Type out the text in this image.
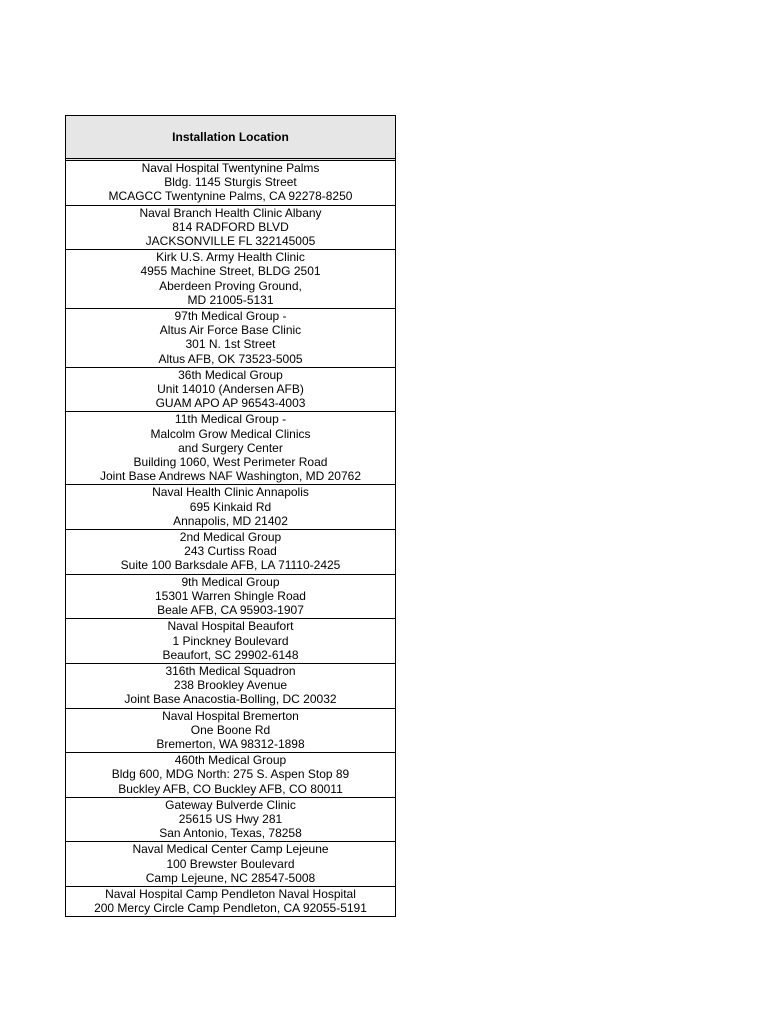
Installation Location
Naval Hospital Twentynine Palms
Bldg. 1145 Sturgis Street
MCAGCC Twentynine Palms, CA 92278-8250
Naval Branch Health Clinic Albany
814 RADFORD BLVD
JACKSONVILLE FL 322145005
Kirk U.S. Army Health Clinic
4955 Machine Street, BLDG 2501
Aberdeen Proving Ground,
MD 21005-5131
97th Medical Group -
Altus Air Force Base Clinic
301 N. 1st Street
Altus AFB, OK 73523-5005
36th Medical Group
Unit 14010 (Andersen AFB)
GUAM APO AP 96543-4003
11th Medical Group -
Malcolm Grow Medical Clinics
and Surgery Center
Building 1060, West Perimeter Road
Joint Base Andrews NAF Washington, MD 20762
Naval Health Clinic Annapolis
695 Kinkaid Rd
Annapolis, MD 21402
2nd Medical Group
243 Curtiss Road
Suite 100 Barksdale AFB, LA 71110-2425
9th Medical Group
15301 Warren Shingle Road
Beale AFB, CA 95903-1907
Naval Hospital Beaufort
1 Pinckney Boulevard
Beaufort, SC 29902-6148
316th Medical Squadron
238 Brookley Avenue
Joint Base Anacostia-Bolling, DC 20032
Naval Hospital Bremerton
One Boone Rd
Bremerton, WA 98312-1898
460th Medical Group
Bldg 600, MDG North: 275 S. Aspen Stop 89
Buckley AFB, CO Buckley AFB, CO 80011
Gateway Bulverde Clinic
25615 US Hwy 281
San Antonio, Texas, 78258
Naval Medical Center Camp Lejeune
100 Brewster Boulevard
Camp Lejeune, NC 28547-5008
Naval Hospital Camp Pendleton Naval Hospital
200 Mercy Circle Camp Pendleton, CA 92055-5191
